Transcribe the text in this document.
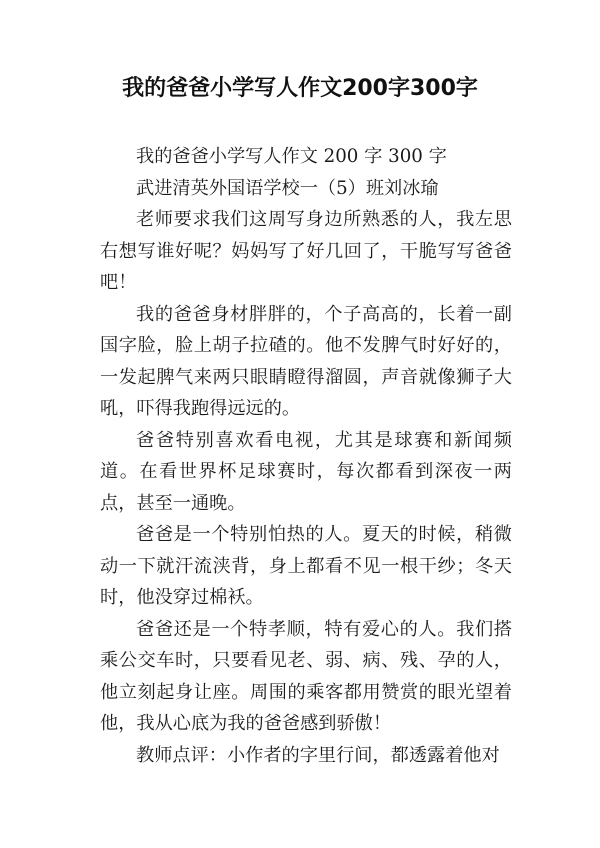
我的爸爸小学写人作文200字300字

我的爸爸小学写人作文 200 字 300 字

武进清英外国语学校一（5）班刘冰瑜

老师要求我们这周写身边所熟悉的人，我左思右想写谁好呢？妈妈写了好几回了，干脆写写爸爸吧！

我的爸爸身材胖胖的，个子高高的，长着一副国字脸，脸上胡子拉碴的。他不发脾气时好好的，一发起脾气来两只眼睛瞪得溜圆，声音就像狮子大吼，吓得我跑得远远的。

爸爸特别喜欢看电视，尤其是球赛和新闻频道。在看世界杯足球赛时，每次都看到深夜一两点，甚至一通晚。

爸爸是一个特别怕热的人。夏天的时候，稍微动一下就汗流浃背，身上都看不见一根干纱；冬天时，他没穿过棉袄。

爸爸还是一个特孝顺，特有爱心的人。我们搭乘公交车时，只要看见老、弱、病、残、孕的人，他立刻起身让座。周围的乘客都用赞赏的眼光望着他，我从心底为我的爸爸感到骄傲！

教师点评：小作者的字里行间，都透露着他对
